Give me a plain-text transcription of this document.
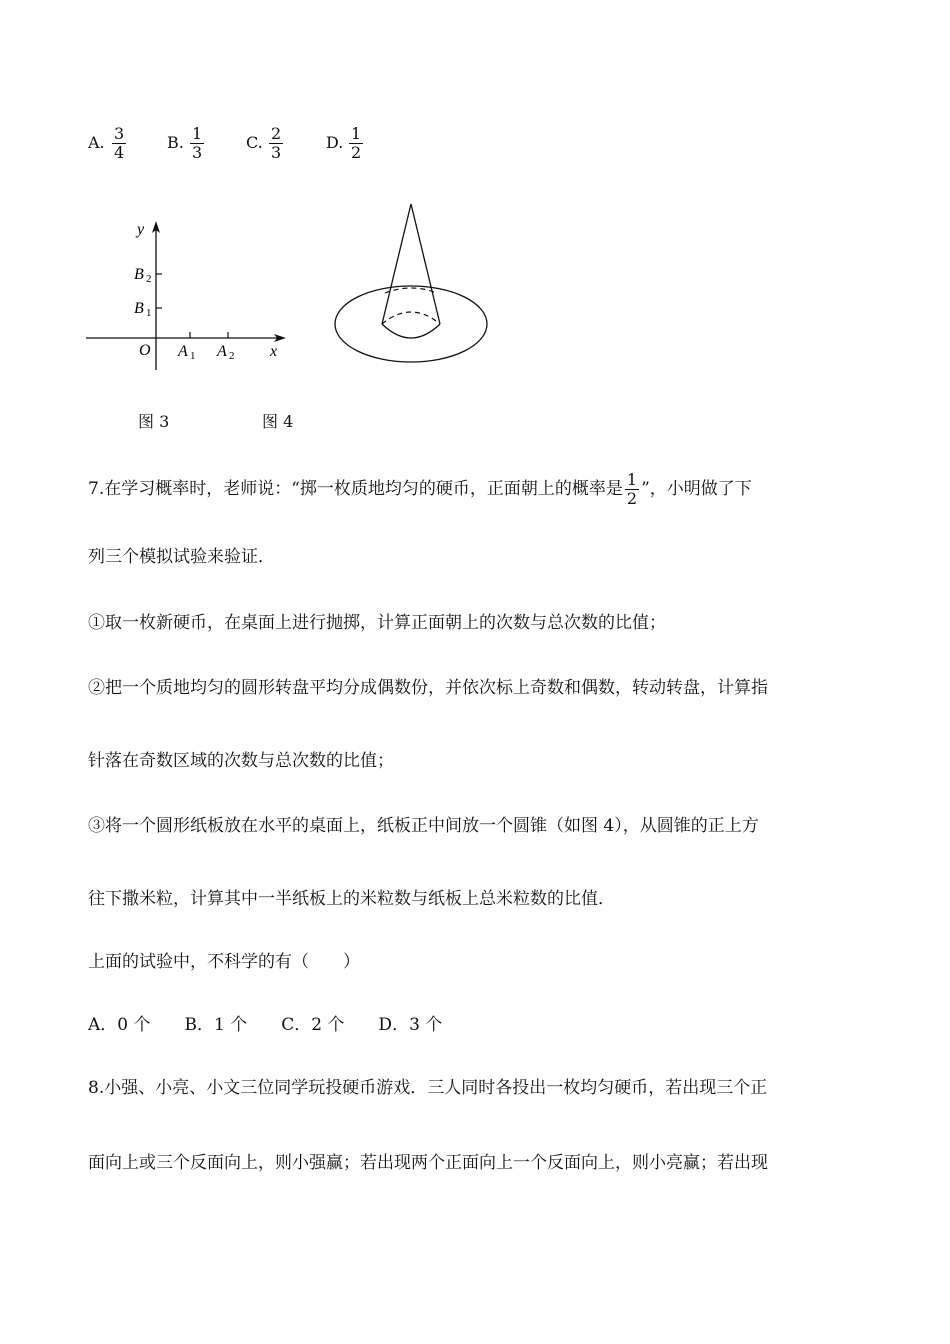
A. $\frac{3}{4}$	B. $\frac{1}{3}$	C. $\frac{2}{3}$	D. $\frac{1}{2}$
y
x
O
B 2
B 1
A 1 A 2
图 3	图 4
7.在学习概率时，老师说：“掷一枚质地均匀的硬币，正面朝上的概率是 $\frac{1}{2}$ ”，小明做了下
列三个模拟试验来验证．
①取一枚新硬币，在桌面上进行抛掷，计算正面朝上的次数与总次数的比值；
②把一个质地均匀的圆形转盘平均分成偶数份，并依次标上奇数和偶数，转动转盘，计算指
针落在奇数区域的次数与总次数的比值；
③将一个圆形纸板放在水平的桌面上，纸板正中间放一个圆锥（如图 4），从圆锥的正上方
往下撒米粒，计算其中一半纸板上的米粒数与纸板上总米粒数的比值．
上面的试验中，不科学的有（　　）
A．0 个　　B．1 个　　C．2 个　　D．3 个
8.小强、小亮、小文三位同学玩投硬币游戏．三人同时各投出一枚均匀硬币，若出现三个正
面向上或三个反面向上，则小强赢；若出现两个正面向上一个反面向上，则小亮赢；若出现
